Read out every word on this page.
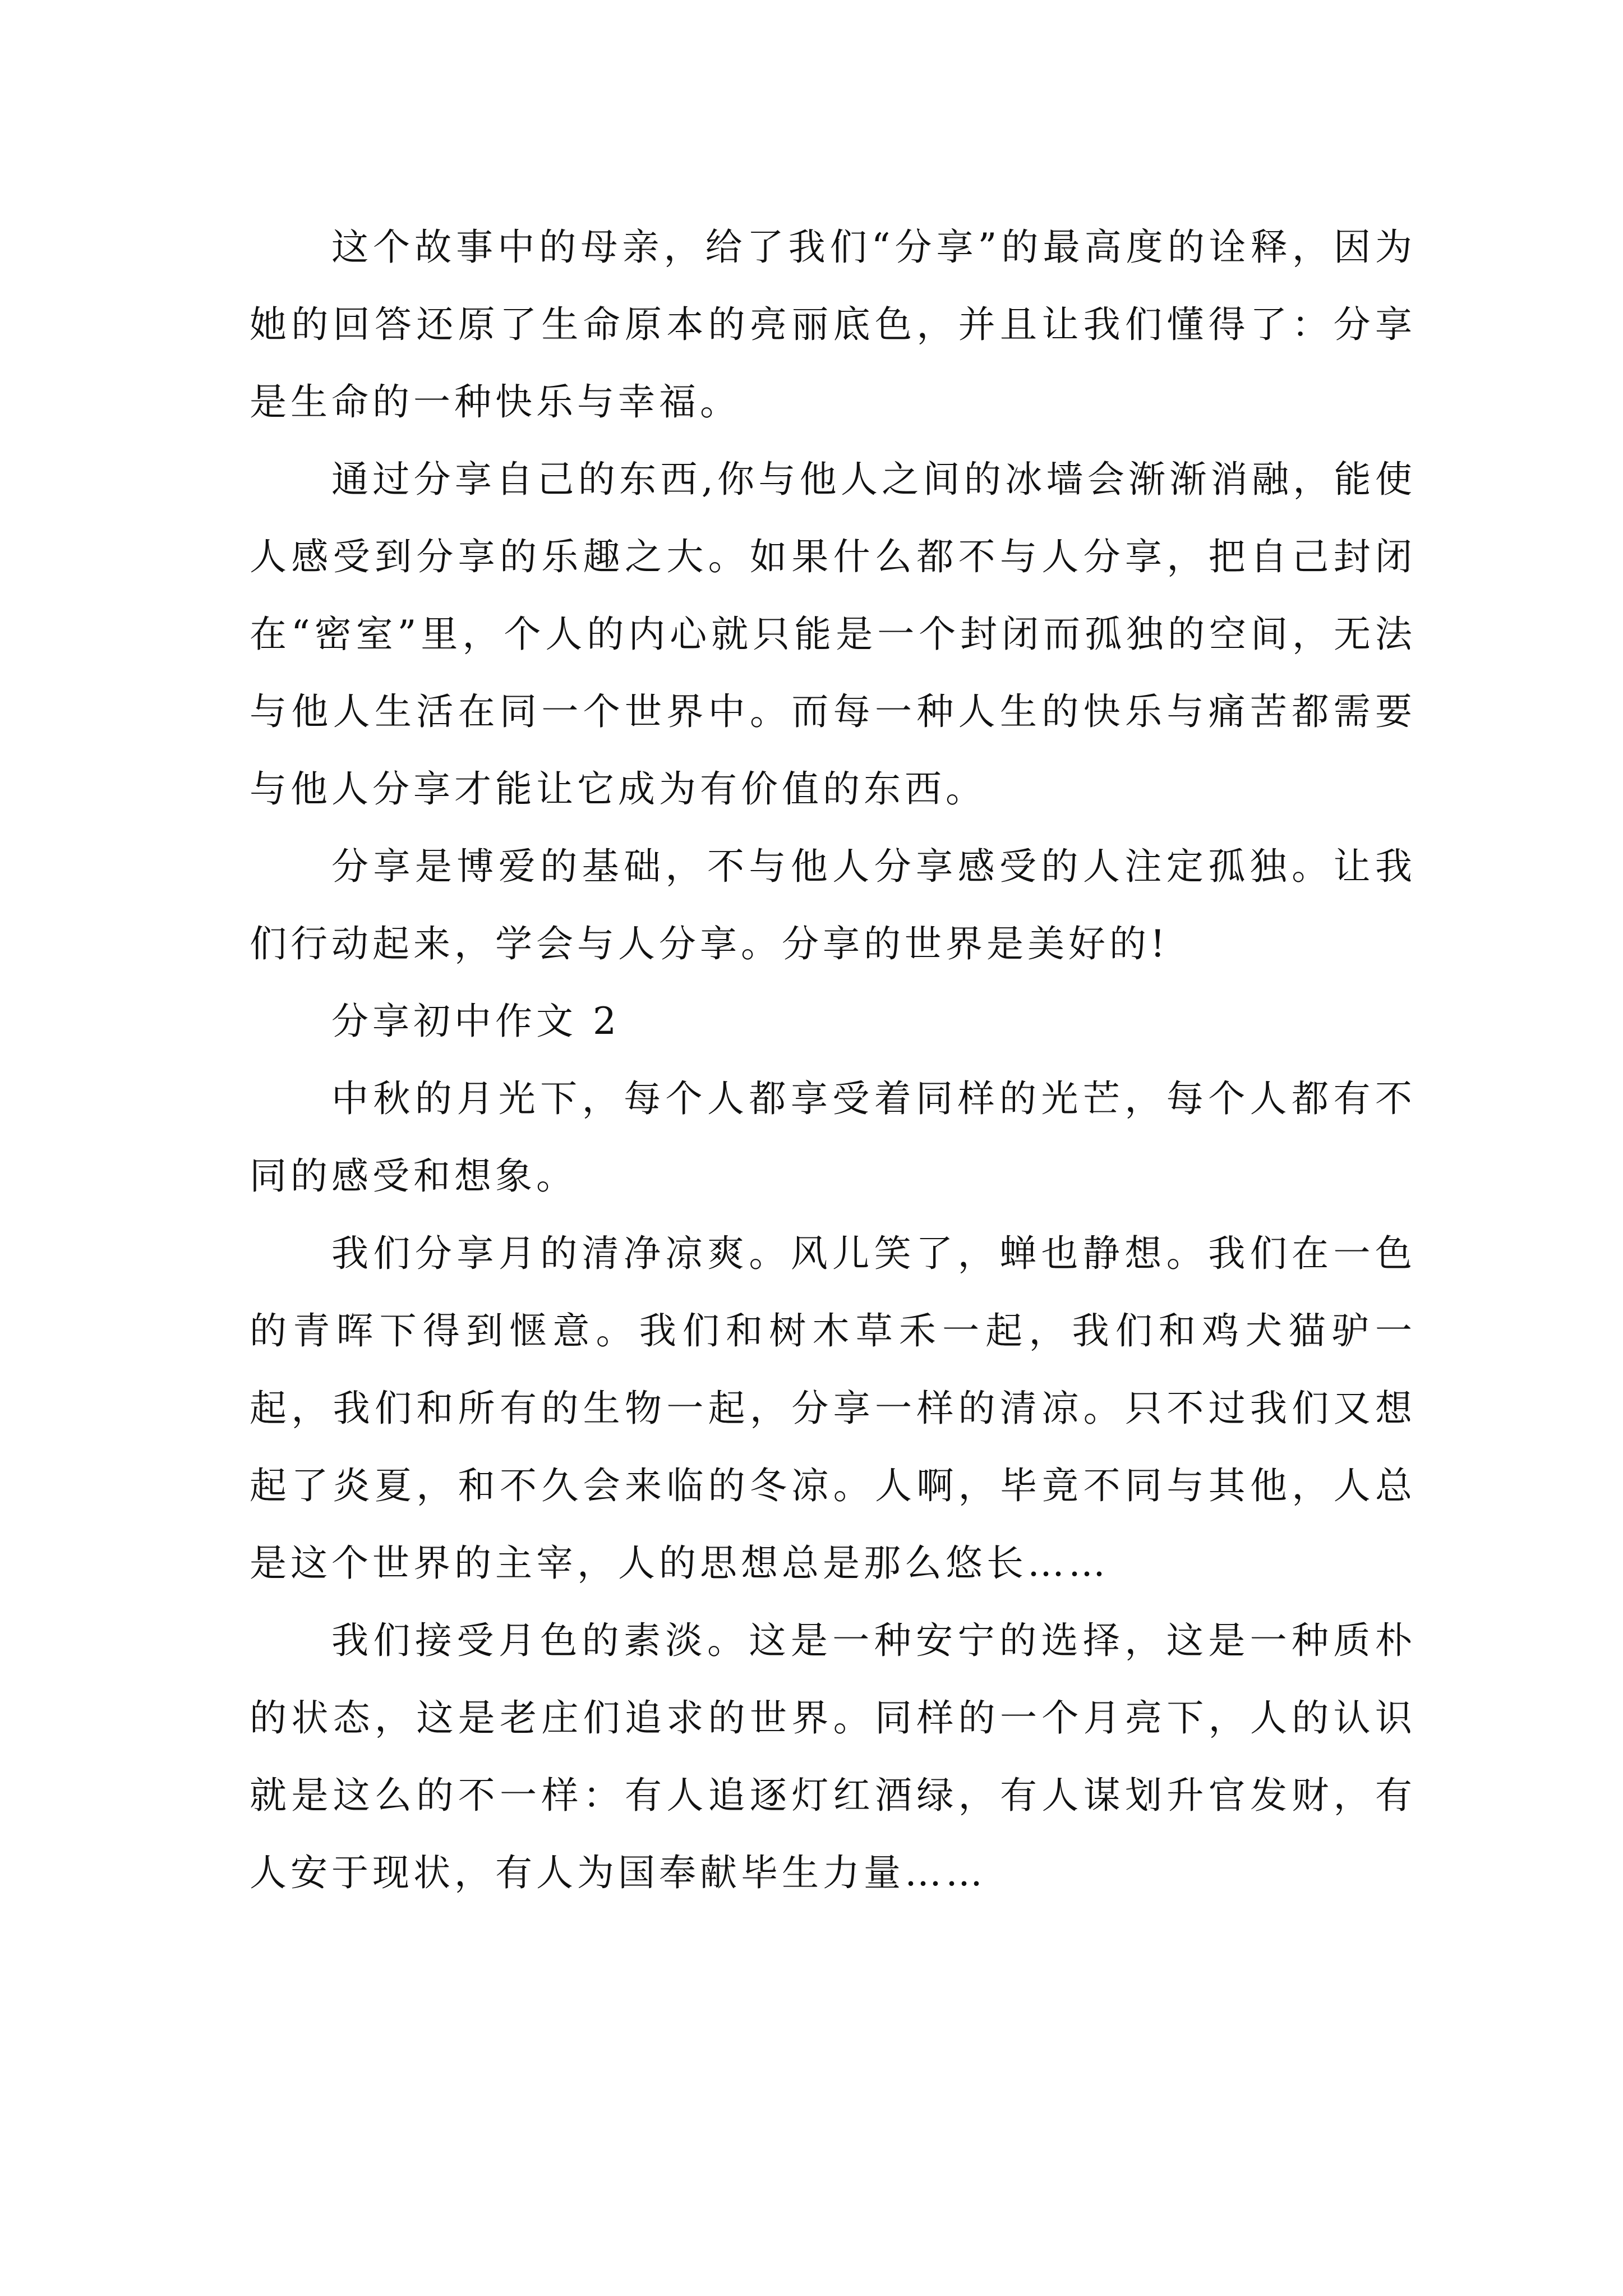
这个故事中的母亲，给了我们“分享”的最高度的诠释，因为她的回答还原了生命原本的亮丽底色，并且让我们懂得了：分享是生命的一种快乐与幸福。

通过分享自己的东西,你与他人之间的冰墙会渐渐消融，能使人感受到分享的乐趣之大。如果什么都不与人分享，把自己封闭在“密室”里，个人的内心就只能是一个封闭而孤独的空间，无法与他人生活在同一个世界中。而每一种人生的快乐与痛苦都需要与他人分享才能让它成为有价值的东西。

分享是博爱的基础，不与他人分享感受的人注定孤独。让我们行动起来，学会与人分享。分享的世界是美好的!

分享初中作文 2

中秋的月光下，每个人都享受着同样的光芒，每个人都有不同的感受和想象。

我们分享月的清净凉爽。风儿笑了，蝉也静想。我们在一色的青晖下得到惬意。我们和树木草禾一起，我们和鸡犬猫驴一起，我们和所有的生物一起，分享一样的清凉。只不过我们又想起了炎夏，和不久会来临的冬凉。人啊，毕竟不同与其他，人总是这个世界的主宰，人的思想总是那么悠长……

我们接受月色的素淡。这是一种安宁的选择，这是一种质朴的状态，这是老庄们追求的世界。同样的一个月亮下，人的认识就是这么的不一样：有人追逐灯红酒绿，有人谋划升官发财，有人安于现状，有人为国奉献毕生力量……
